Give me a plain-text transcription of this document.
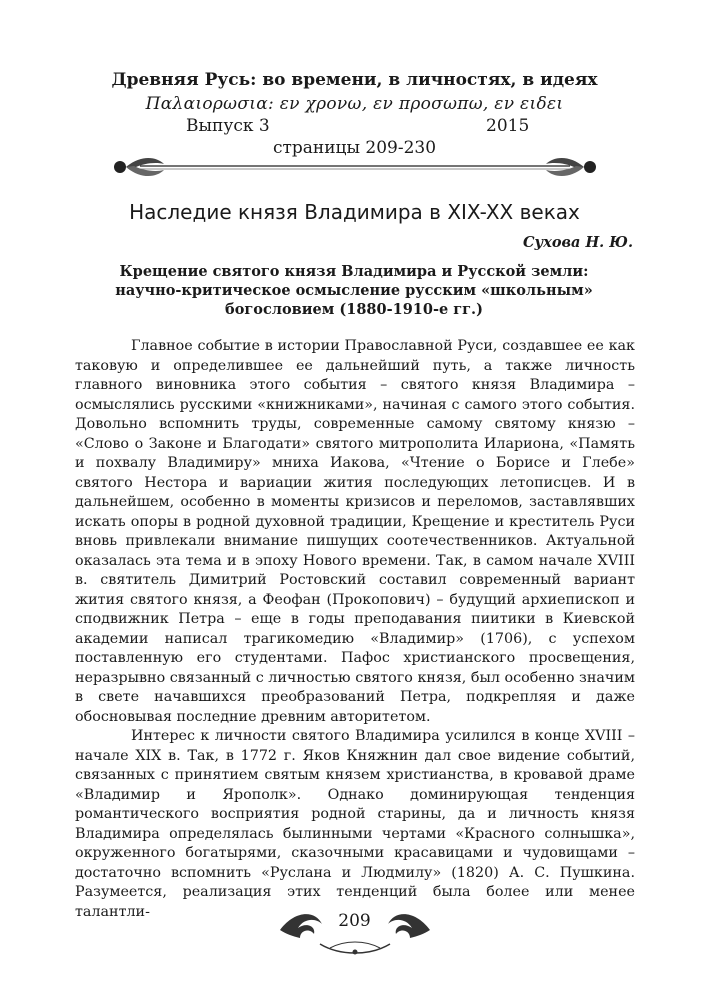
Древняя Русь: во времени, в личностях, в идеях
Παλαιορωσια: εν χρονω, εν προσωπω, εν ειδει
Выпуск 3	2015
страницы 209-230
Наследие князя Владимира в XIX-XX веках
Сухова Н. Ю.
Крещение святого князя Владимира и Русской земли: научно-критическое осмысление русским «школьным» богословием (1880-1910-е гг.)

Главное событие в истории Православной Руси, создавшее ее как таковую и определившее ее дальнейший путь, а также личность главного виновника этого события – святого князя Владимира – осмыслялись русскими «книжниками», начиная с самого этого события. Довольно вспомнить труды, современные самому святому князю – «Слово о Законе и Благодати» святого митрополита Илариона, «Память и похвалу Владимиру» мниха Иакова, «Чтение о Борисе и Глебе» святого Нестора и вариации жития последующих летописцев. И в дальнейшем, особенно в моменты кризисов и переломов, заставлявших искать опоры в родной духовной традиции, Крещение и креститель Руси вновь привлекали внимание пишущих соотечественников. Актуальной оказалась эта тема и в эпоху Нового времени. Так, в самом начале XVIII в. святитель Димитрий Ростовский составил современный вариант жития святого князя, а Феофан (Прокопович) – будущий архиепископ и сподвижник Петра – еще в годы преподавания пиитики в Киевской академии написал трагикомедию «Владимир» (1706), с успехом поставленную его студентами. Пафос христианского просвещения, неразрывно связанный с личностью святого князя, был особенно значим в свете начавшихся преобразований Петра, подкрепляя и даже обосновывая последние древним авторитетом.

Интерес к личности святого Владимира усилился в конце XVIII – начале XIX в. Так, в 1772 г. Яков Княжнин дал свое видение событий, связанных с принятием святым князем христианства, в кровавой драме «Владимир и Ярополк». Однако доминирующая тенденция романтического восприятия родной старины, да и личность князя Владимира определялась былинными чертами «Красного солнышка», окруженного богатырями, сказочными красавицами и чудовищами – достаточно вспомнить «Руслана и Людмилу» (1820) А. С. Пушкина. Разумеется, реализация этих тенденций была более или менее талантли-	209
